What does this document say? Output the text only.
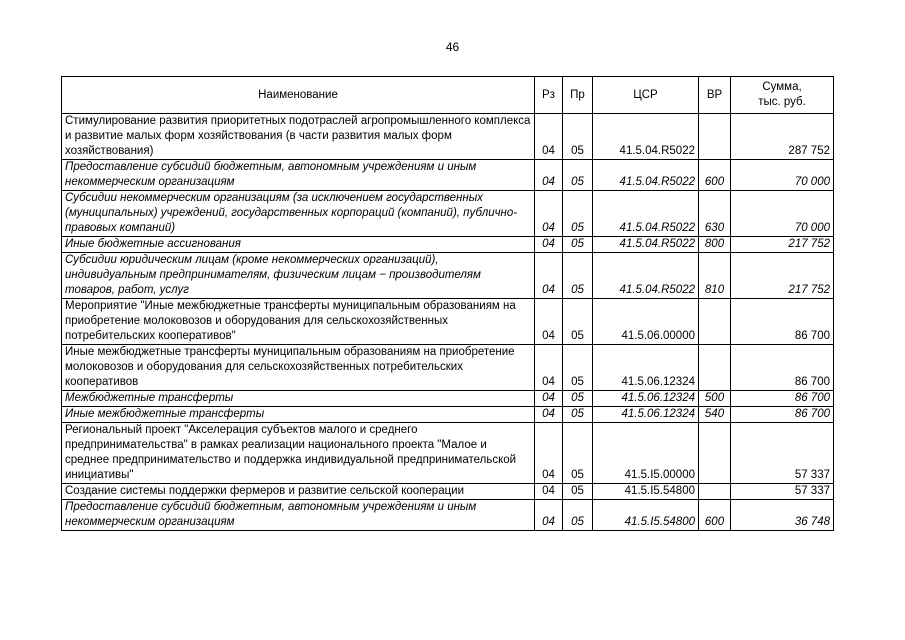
46
Наименование	Рз	Пр	ЦСР	ВР	Сумма,
тыс. руб.
Стимулирование развития приоритетных подотраслей агропромышленного комплекса и развитие малых форм хозяйствования (в части развития малых форм хозяйствования)	04	05	41.5.04.R5022		287 752
Предоставление субсидий бюджетным, автономным учреждениям и иным некоммерческим организациям	04	05	41.5.04.R5022	600	70 000
Субсидии некоммерческим организациям (за исключением государственных (муниципальных) учреждений, государственных корпораций (компаний), публично-правовых компаний)	04	05	41.5.04.R5022	630	70 000
Иные бюджетные ассигнования	04	05	41.5.04.R5022	800	217 752
Субсидии юридическим лицам (кроме некоммерческих организаций), индивидуальным предпринимателям, физическим лицам − производителям товаров, работ, услуг	04	05	41.5.04.R5022	810	217 752
Мероприятие "Иные межбюджетные трансферты муниципальным образованиям на приобретение молоковозов и оборудования для сельскохозяйственных потребительских кооперативов"	04	05	41.5.06.00000		86 700
Иные межбюджетные трансферты муниципальным образованиям на приобретение молоковозов и оборудования для сельскохозяйственных потребительских кооперативов	04	05	41.5.06.12324		86 700
Межбюджетные трансферты	04	05	41.5.06.12324	500	86 700
Иные межбюджетные трансферты	04	05	41.5.06.12324	540	86 700
Региональный проект "Акселерация субъектов малого и среднего предпринимательства" в рамках реализации национального проекта "Малое и среднее предпринимательство и поддержка индивидуальной предпринимательской инициативы"	04	05	41.5.I5.00000		57 337
Создание системы поддержки фермеров и развитие сельской кооперации	04	05	41.5.I5.54800		57 337
Предоставление субсидий бюджетным, автономным учреждениям и иным некоммерческим организациям	04	05	41.5.I5.54800	600	36 748
